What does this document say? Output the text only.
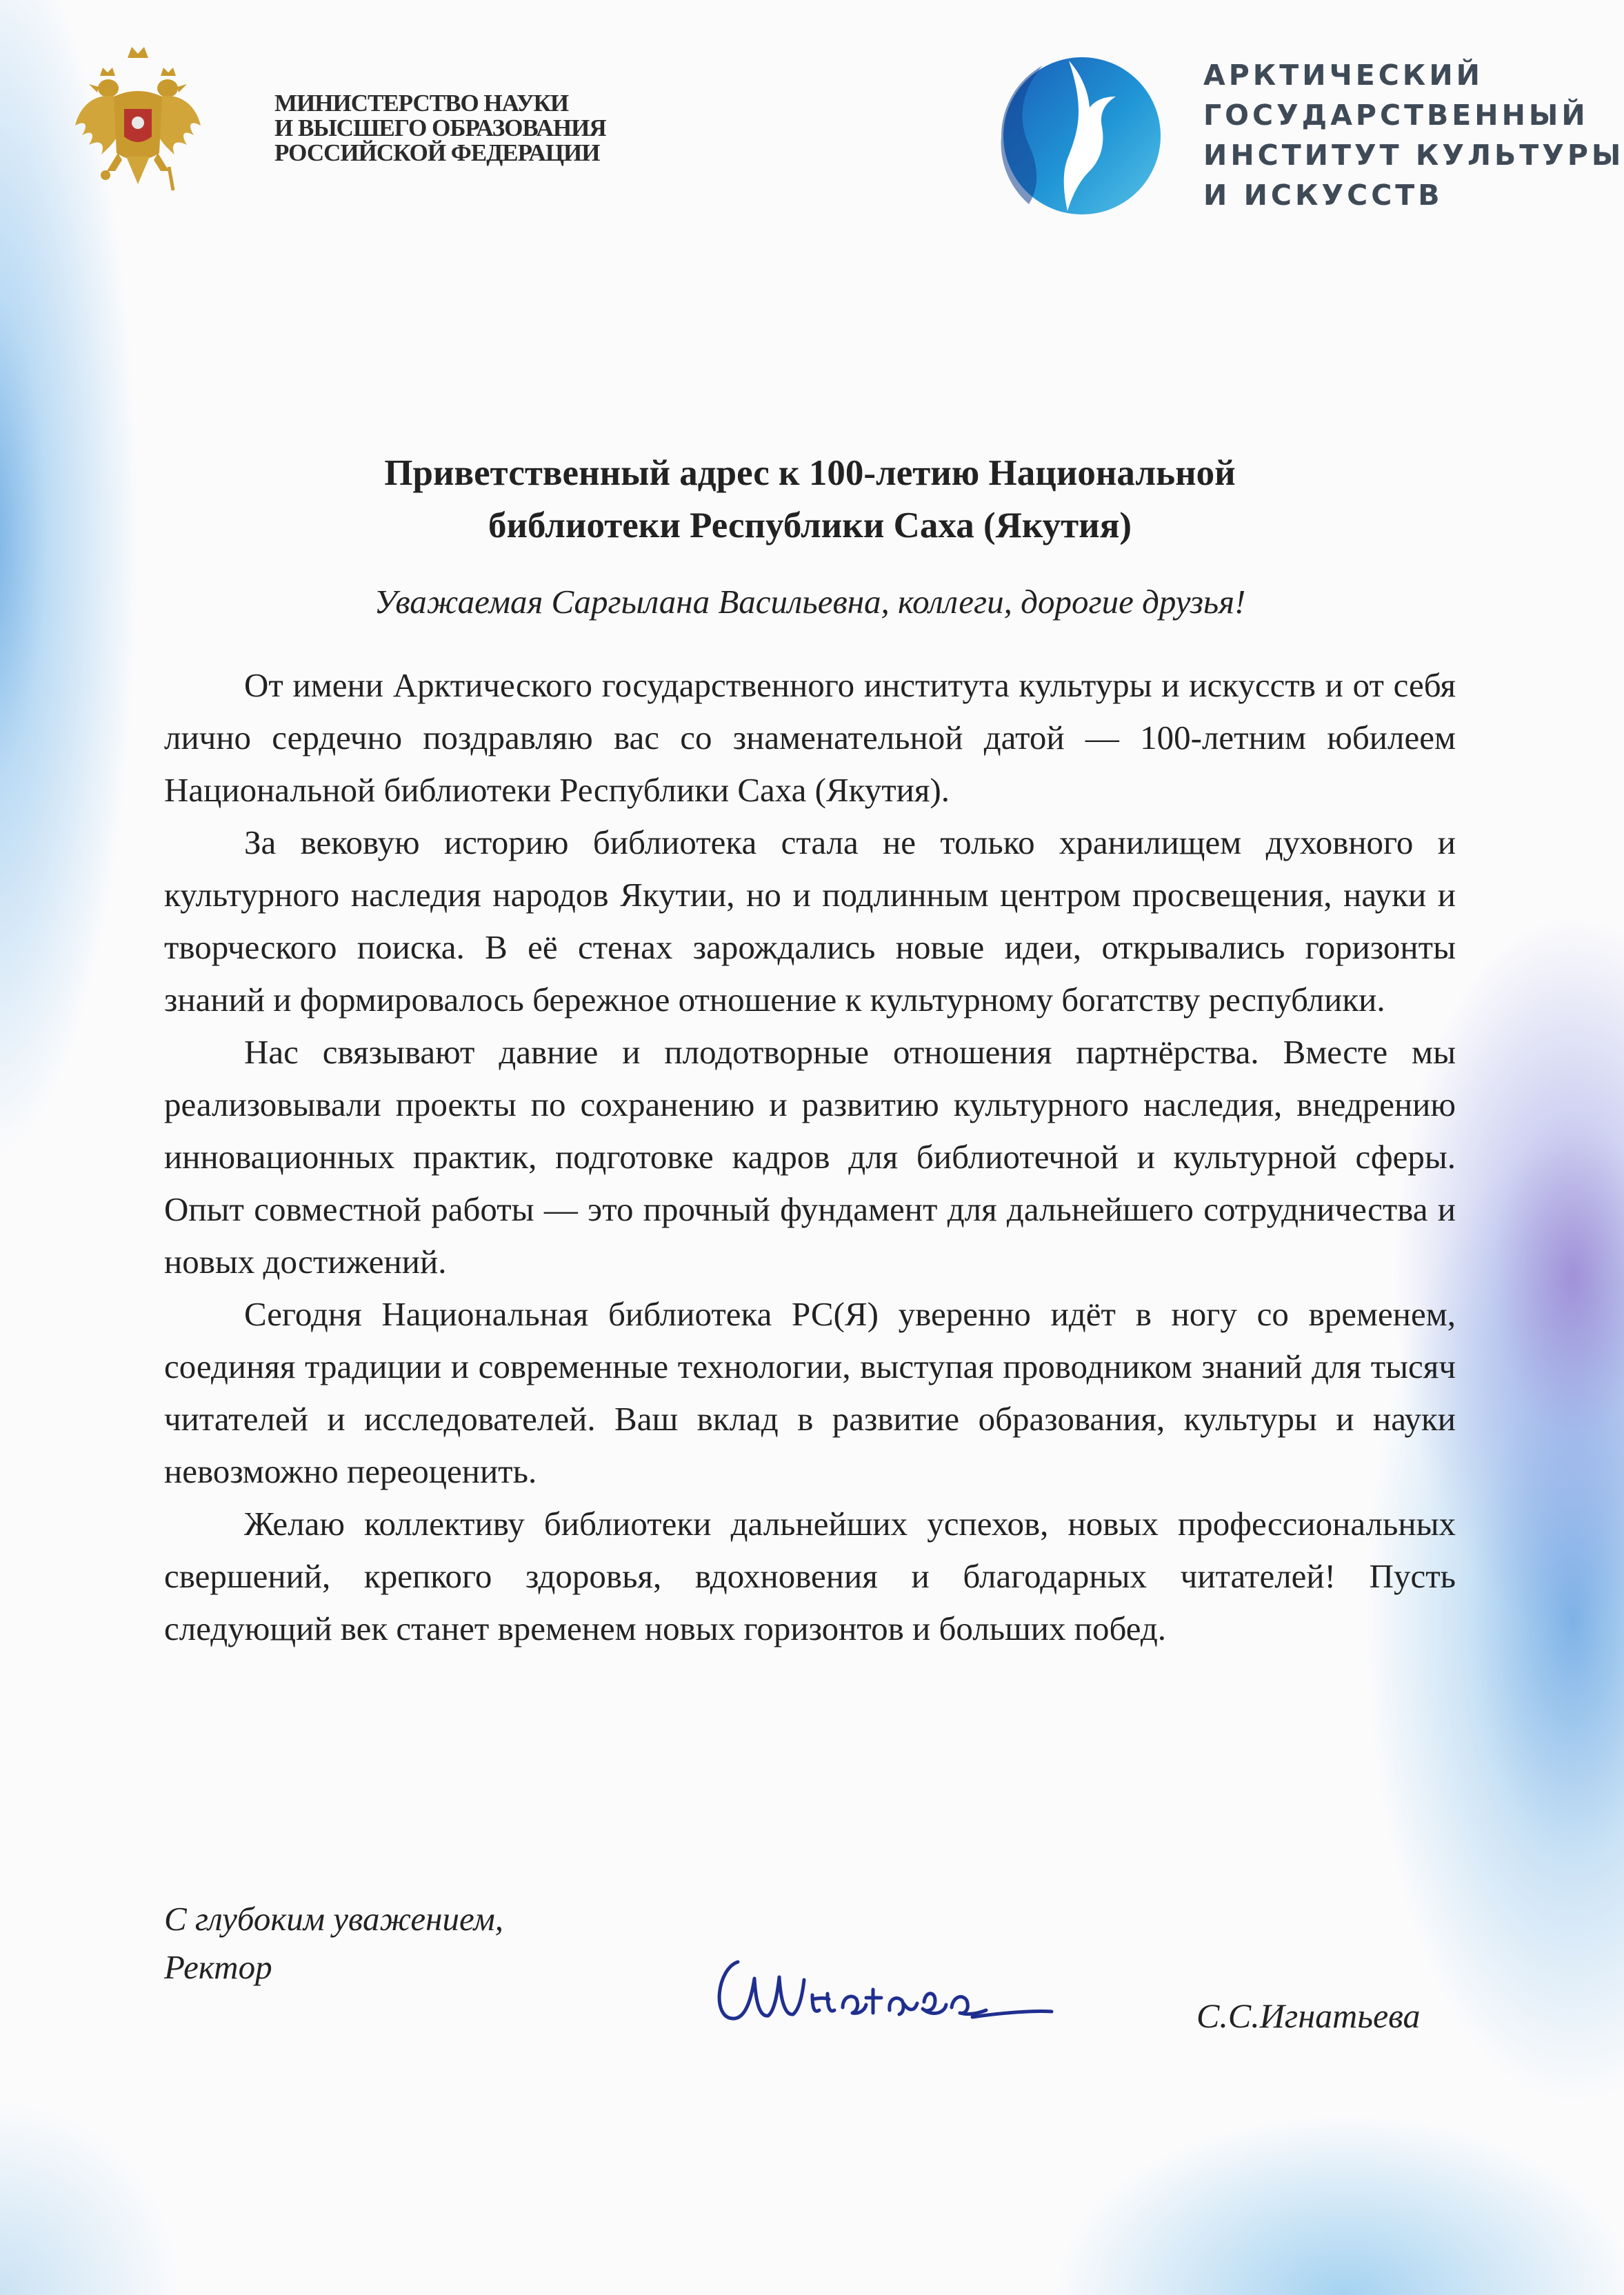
МИНИСТЕРСТВО НАУКИ
И ВЫСШЕГО ОБРАЗОВАНИЯ
РОССИЙСКОЙ ФЕДЕРАЦИИ
АРКТИЧЕСКИЙ
ГОСУДАРСТВЕННЫЙ
ИНСТИТУТ КУЛЬТУРЫ
И ИСКУССТВ
Приветственный адрес к 100-летию Национальной
библиотеки Республики Саха (Якутия)

Уважаемая Саргылана Васильевна, коллеги, дорогие друзья!

От имени Арктического государственного института культуры и искусств и от себя лично сердечно поздравляю вас со знаменательной датой — 100-летним юбилеем Национальной библиотеки Республики Саха (Якутия).

За вековую историю библиотека стала не только хранилищем духовного и культурного наследия народов Якутии, но и подлинным центром просвещения, науки и творческого поиска. В её стенах зарождались новые идеи, открывались горизонты знаний и формировалось бережное отношение к культурному богатству республики.

Нас связывают давние и плодотворные отношения партнёрства. Вместе мы реализовывали проекты по сохранению и развитию культурного наследия, внедрению инновационных практик, подготовке кадров для библиотечной и культурной сферы. Опыт совместной работы — это прочный фундамент для дальнейшего сотрудничества и новых достижений.

Сегодня Национальная библиотека РС(Я) уверенно идёт в ногу со временем, соединяя традиции и современные технологии, выступая проводником знаний для тысяч читателей и исследователей. Ваш вклад в развитие образования, культуры и науки невозможно переоценить.

Желаю коллективу библиотеки дальнейших успехов, новых профессиональных свершений, крепкого здоровья, вдохновения и благодарных читателей! Пусть следующий век станет временем новых горизонтов и больших побед.

С глубоким уважением,
Ректор
С.С.Игнатьева
